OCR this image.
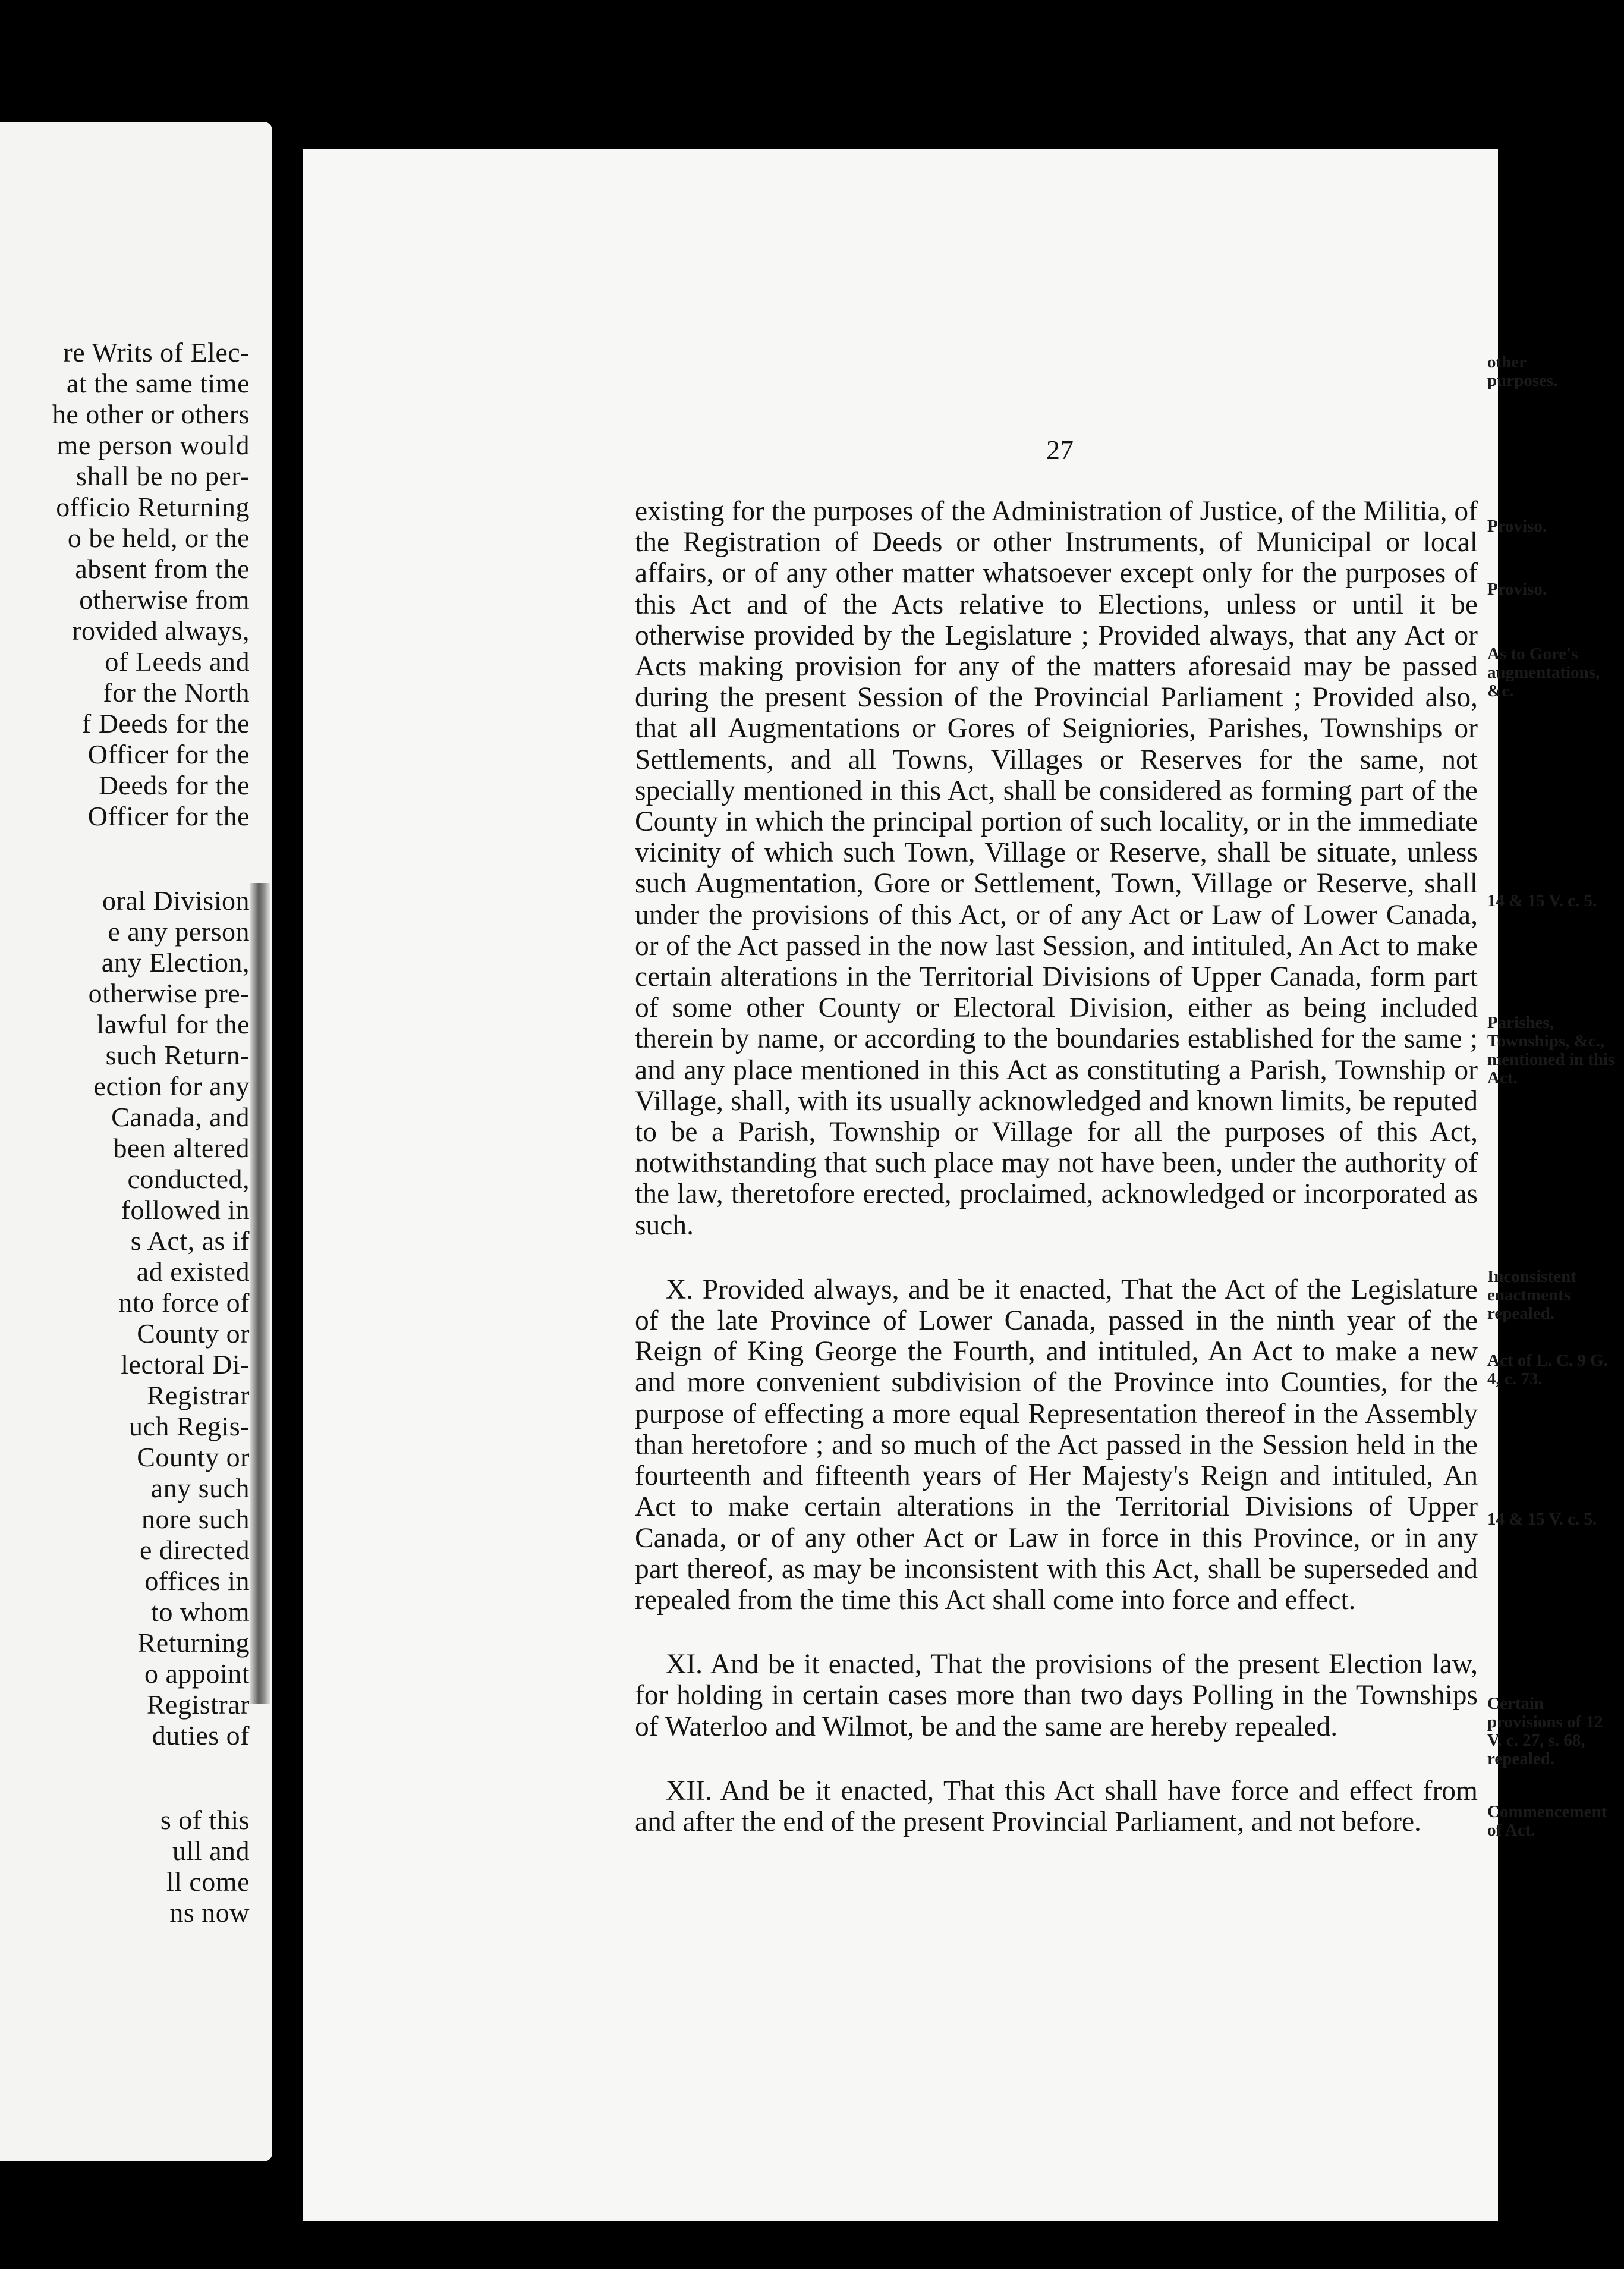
re Writs of Elec-
at the same time
he other or others
me person would
shall be no per-
officio Returning
o be held, or the
absent from the
otherwise from
rovided always,
of Leeds and
for the North
f Deeds for the
Officer for the
Deeds for the
Officer for the
oral Division
e any person
any Election,
otherwise pre-
lawful for the
such Return-
ection for any
Canada, and
been altered
conducted,
followed in
s Act, as if
ad existed
nto force of
County or
lectoral Di-
Registrar
uch Regis-
County or
any such
nore such
e directed
offices in
to whom
Returning
o appoint
Registrar
duties of
s of this
ull and
ll come
ns now
27

existing for the purposes of the Administration of Justice, of the Militia, of the Registration of Deeds or other Instruments, of Municipal or local affairs, or of any other matter whatsoever except only for the purposes of this Act and of the Acts relative to Elections, unless or until it be otherwise provided by the Legislature ; Provided always, that any Act or Acts making provision for any of the matters aforesaid may be passed during the present Session of the Provincial Parliament ; Provided also, that all Augmentations or Gores of Seigniories, Parishes, Townships or Settlements, and all Towns, Villages or Reserves for the same, not specially mentioned in this Act, shall be considered as forming part of the County in which the principal portion of such locality, or in the immediate vicinity of which such Town, Village or Reserve, shall be situate, unless such Augmentation, Gore or Settlement, Town, Village or Reserve, shall under the provisions of this Act, or of any Act or Law of Lower Canada, or of the Act passed in the now last Session, and intituled, An Act to make certain alterations in the Territorial Divisions of Upper Canada, form part of some other County or Electoral Division, either as being included therein by name, or according to the boundaries established for the same ; and any place mentioned in this Act as constituting a Parish, Township or Village, shall, with its usually acknowledged and known limits, be reputed to be a Parish, Township or Village for all the purposes of this Act, notwithstanding that such place may not have been, under the authority of the law, theretofore erected, proclaimed, acknowledged or incorporated as such.

X. Provided always, and be it enacted, That the Act of the Legislature of the late Province of Lower Canada, passed in the ninth year of the Reign of King George the Fourth, and intituled, An Act to make a new and more convenient subdivision of the Province into Counties, for the purpose of effecting a more equal Representation thereof in the Assembly than heretofore ; and so much of the Act passed in the Session held in the fourteenth and fifteenth years of Her Majesty's Reign and intituled, An Act to make certain alterations in the Territorial Divisions of Upper Canada, or of any other Act or Law in force in this Province, or in any part thereof, as may be inconsistent with this Act, shall be superseded and repealed from the time this Act shall come into force and effect.

XI. And be it enacted, That the provisions of the present Election law, for holding in certain cases more than two days Polling in the Townships of Waterloo and Wilmot, be and the same are hereby repealed.

XII. And be it enacted, That this Act shall have force and effect from and after the end of the present Provincial Parliament, and not before.

other purposes.
Proviso.
Proviso.
As to Gore's augmentations, &c.
14 & 15 V. c. 5.
Parishes, Townships, &c., mentioned in this Act.
Inconsistent enactments repealed.
Act of L. C. 9 G. 4, c. 73.
14 & 15 V. c. 5.
Certain provisions of 12 V. c. 27, s. 68, repealed.
Commencement of Act.
